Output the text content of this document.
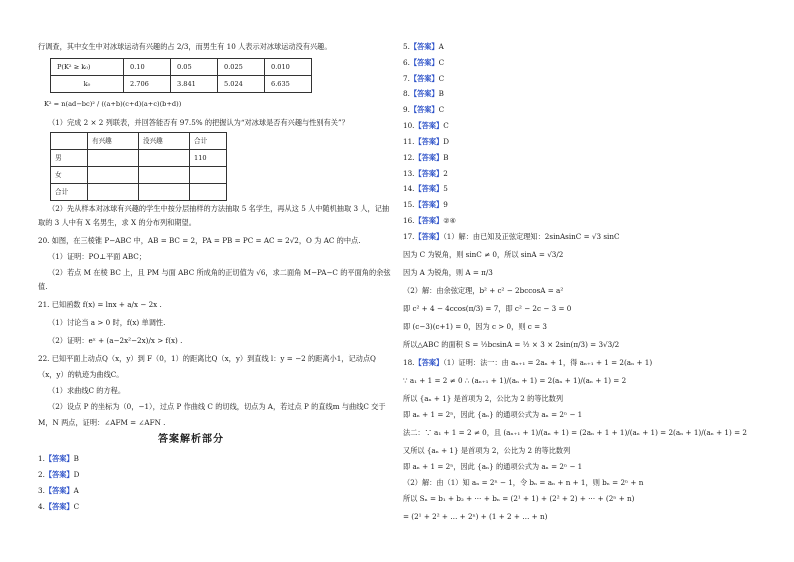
行调查，其中女生中对冰球运动有兴趣的占 2/3，而男生有 10 人表示对冰球运动没有兴趣。
P(K² ≥ k₀)	0.10	0.05	0.025	0.010
k₀	2.706	3.841	5.024	6.635
K² = n(ad−bc)² / ((a+b)(c+d)(a+c)(b+d))
（1）完成 2 × 2 列联表，并回答能否有 97.5% 的把握认为“对冰球是否有兴趣与性别有关”？
	有兴趣	没兴趣	合计
男			110
女			
合计			
（2）先从样本对冰球有兴趣的学生中按分层抽样的方法抽取 5 名学生，再从这 5 人中随机抽取 3 人，记抽
取的 3 人中有 X 名男生，求 X 的分布列和期望。
20. 如图，在三棱锥 P−ABC 中，AB = BC = 2，PA = PB = PC = AC = 2√2，O 为 AC 的中点.
（1）证明：PO⊥平面 ABC；
（2）若点 M 在棱 BC 上，且 PM 与面 ABC 所成角的正切值为 √6，求二面角 M−PA−C 的平面角的余弦
值.
21. 已知函数 f(x) = lnx + a/x − 2x .
（1）讨论当 a > 0 时，f(x) 单调性.
（2）证明：eˣ + (a−2x²−2x)/x > f(x) .
22. 已知平面上动点Q（x，y）到 F（0，1）的距离比Q（x，y）到直线 l：y = −2 的距离小1，记动点Q
（x，y）的轨迹为曲线C。
（1）求曲线C 的方程。
（2）设点 P 的坐标为（0，−1），过点 P 作曲线 C 的切线，切点为 A，若过点 P 的直线m 与曲线C 交于
M，N 两点，证明：∠AFM = ∠AFN .
答案解析部分
1.【答案】B
2.【答案】D
3.【答案】A
4.【答案】C
5.【答案】A
6.【答案】C
7.【答案】C
8.【答案】B
9.【答案】C
10.【答案】C
11.【答案】D
12.【答案】B
13.【答案】2
14.【答案】5
15.【答案】9
16.【答案】②④
17.【答案】（1）解：由已知及正弦定理知：2sinAsinC = √3 sinC
因为 C 为锐角，则 sinC ≠ 0，所以 sinA = √3/2
因为 A 为锐角，则 A = π/3
（2）解：由余弦定理，b² + c² − 2bccosA = a²
即 c² + 4 − 4ccos(π/3) = 7，即 c² − 2c − 3 = 0
即 (c−3)(c+1) = 0，因为 c > 0，则 c = 3
所以△ABC 的面积 S = ½bcsinA = ½ × 3 × 2sin(π/3) = 3√3/2
18.【答案】（1）证明：法一：由 aₙ₊₁ = 2aₙ + 1，得 aₙ₊₁ + 1 = 2(aₙ + 1)
∵ a₁ + 1 = 2 ≠ 0 ∴ (aₙ₊₁ + 1)/(aₙ + 1) = 2(aₙ + 1)/(aₙ + 1) = 2
所以 {aₙ + 1} 是首项为 2，公比为 2 的等比数列
即 aₙ + 1 = 2ⁿ，因此 {aₙ} 的通项公式为 aₙ = 2ⁿ − 1
法二：∵ a₁ + 1 = 2 ≠ 0，且 (aₙ₊₁ + 1)/(aₙ + 1) = (2aₙ + 1 + 1)/(aₙ + 1) = 2(aₙ + 1)/(aₙ + 1) = 2
又所以 {aₙ + 1} 是首项为 2，公比为 2 的等比数列
即 aₙ + 1 = 2ⁿ，因此 {aₙ} 的通项公式为 aₙ = 2ⁿ − 1
（2）解：由（1）知 aₙ = 2ⁿ − 1，令 bₙ = aₙ + n + 1，则 bₙ = 2ⁿ + n
所以 Sₙ = b₁ + b₂ + ⋯ + bₙ = (2¹ + 1) + (2² + 2) + ⋯ + (2ⁿ + n)
= (2¹ + 2² + … + 2ⁿ) + (1 + 2 + … + n)
